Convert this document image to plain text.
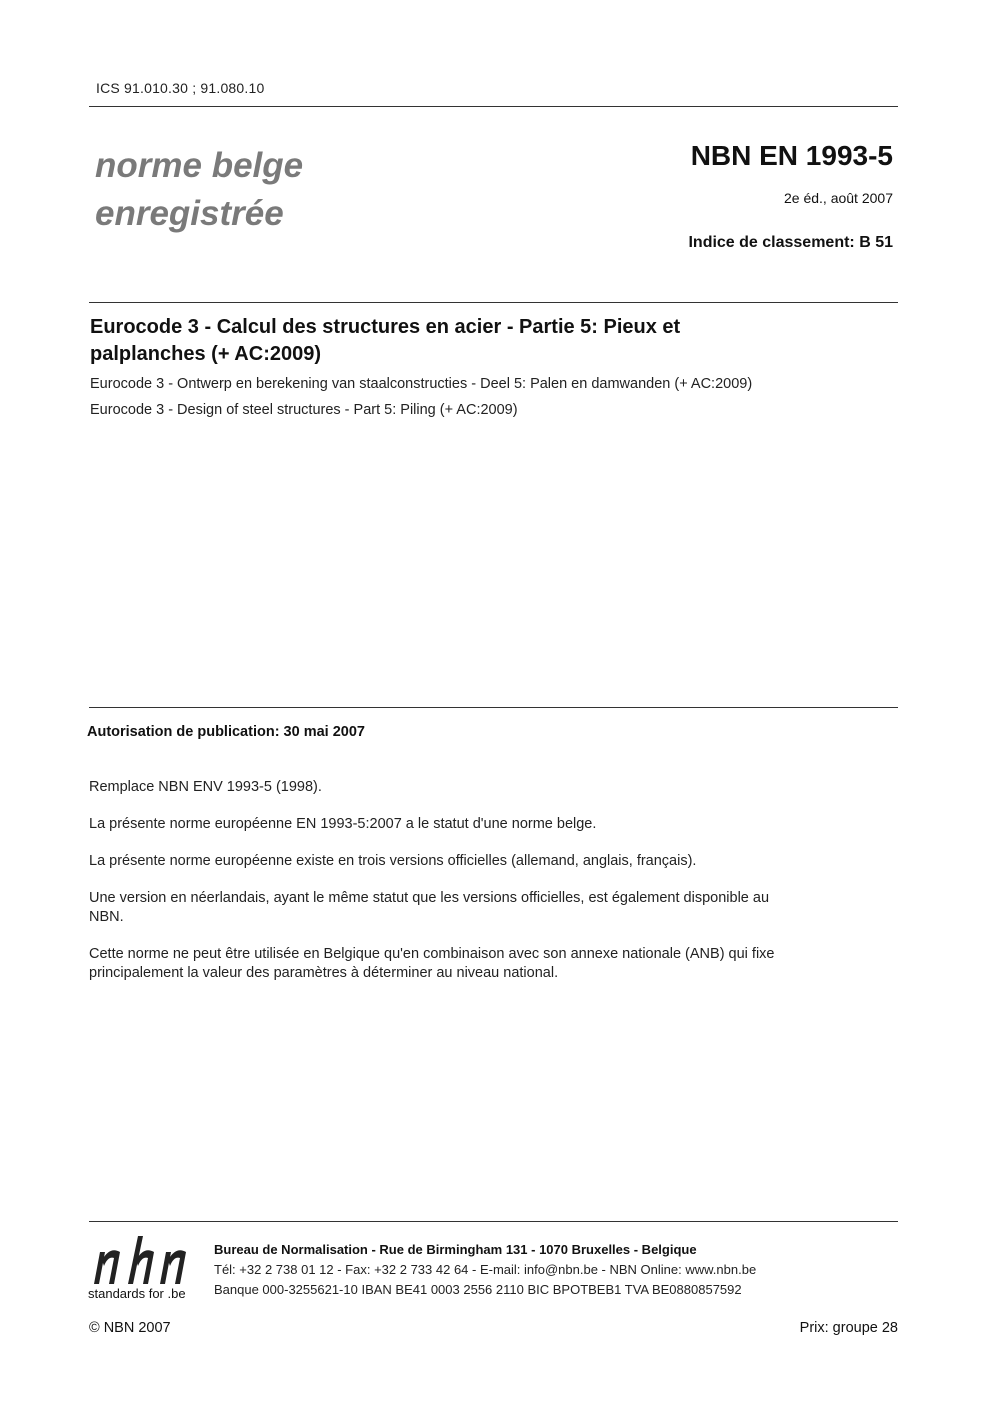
ICS 91.010.30 ; 91.080.10
norme belge
enregistrée
NBN EN 1993-5
2e éd., août 2007
Indice de classement: B 51
Eurocode 3 - Calcul des structures en acier - Partie 5: Pieux et
palplanches (+ AC:2009)
Eurocode 3 - Ontwerp en berekening van staalconstructies - Deel 5: Palen en damwanden (+ AC:2009)
Eurocode 3 - Design of steel structures - Part 5: Piling (+ AC:2009)
Autorisation de publication: 30 mai 2007

Remplace NBN ENV 1993-5 (1998).

La présente norme européenne EN 1993-5:2007 a le statut d'une norme belge.

La présente norme européenne existe en trois versions officielles (allemand, anglais, français).

Une version en néerlandais, ayant le même statut que les versions officielles, est également disponible au
NBN.

Cette norme ne peut être utilisée en Belgique qu'en combinaison avec son annexe nationale (ANB) qui fixe
principalement la valeur des paramètres à déterminer au niveau national.

standards for .be
Bureau de Normalisation - Rue de Birmingham 131 - 1070 Bruxelles - Belgique
Tél: +32 2 738 01 12 - Fax: +32 2 733 42 64 - E-mail: info@nbn.be - NBN Online: www.nbn.be
Banque 000-3255621-10 IBAN BE41 0003 2556 2110 BIC BPOTBEB1 TVA BE0880857592
© NBN 2007	Prix: groupe 28
